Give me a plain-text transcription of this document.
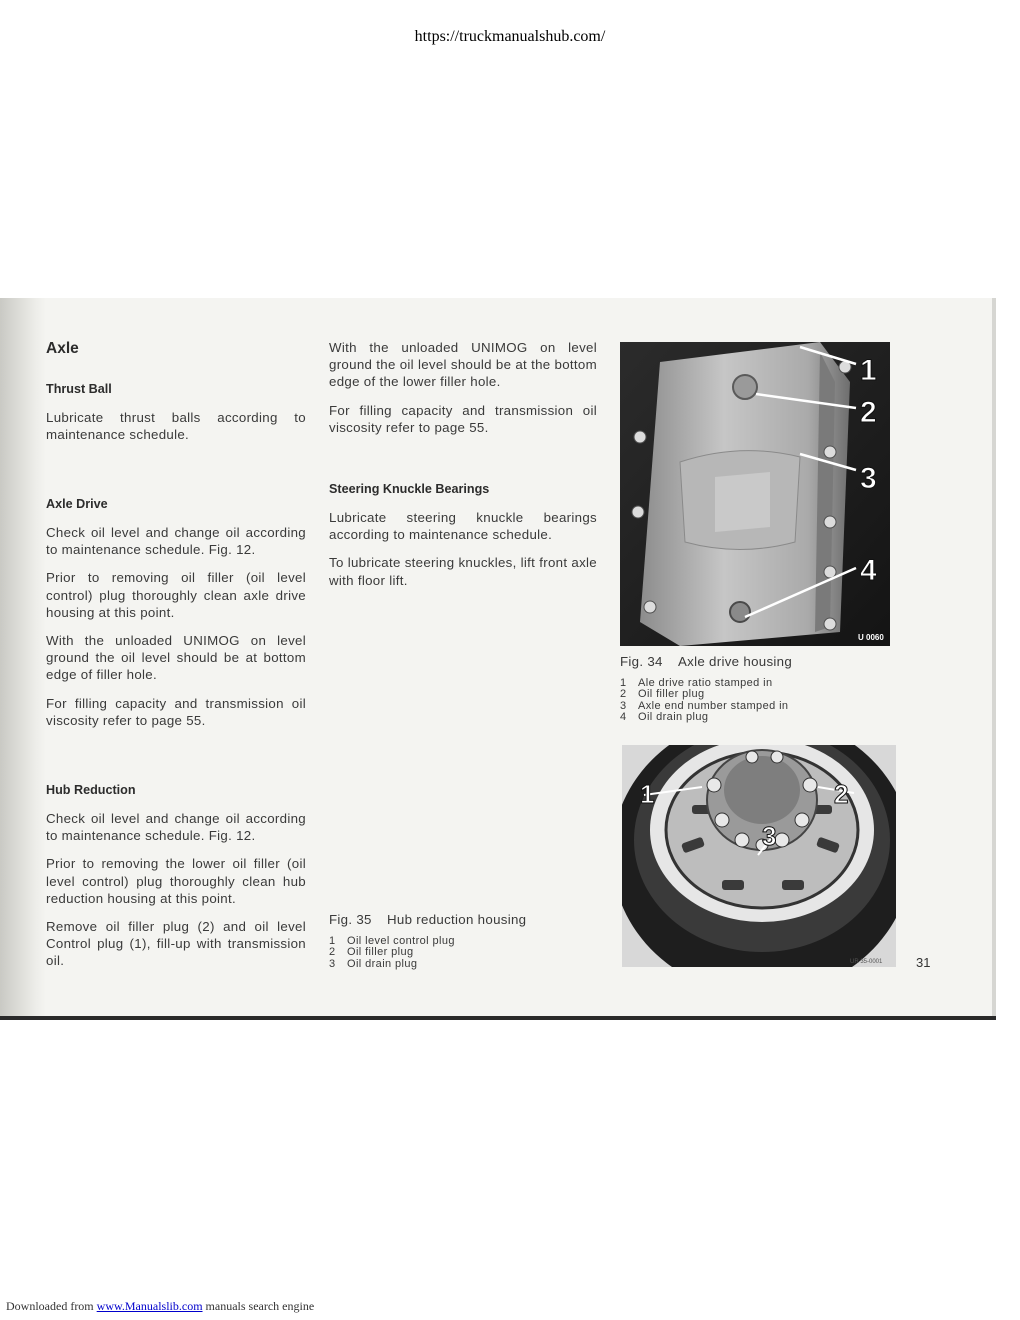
https://truckmanualshub.com/
Axle
Thrust Ball

Lubricate thrust balls according to maintenance schedule.

Axle Drive

Check oil level and change oil according to maintenance schedule. Fig. 12.

Prior to removing oil filler (oil level control) plug thoroughly clean axle drive housing at this point.

With the unloaded UNIMOG on level ground the oil level should be at bottom edge of filler hole.

For filling capacity and transmission oil viscosity refer to page 55.

Hub Reduction

Check oil level and change oil according to maintenance schedule. Fig. 12.

Prior to removing the lower oil filler (oil level control) plug thoroughly clean hub reduction housing at this point.

Remove oil filler plug (2) and oil level Control plug (1), fill-up with transmission oil.

With the unloaded UNIMOG on level ground the oil level should be at the bottom edge of the lower filler hole.

For filling capacity and transmission oil viscosity refer to page 55.

Steering Knuckle Bearings

Lubricate steering knuckle bearings according to maintenance schedule.

To lubricate steering knuckles, lift front axle with floor lift.

Fig. 35 Hub reduction housing
1 Oil level control plug
2 Oil filler plug
3 Oil drain plug
1
2
3
4
U 0060
Fig. 34 Axle drive housing
1 Ale drive ratio stamped in
2 Oil filler plug
3 Axle end number stamped in
4 Oil drain plug
1	2
3
UR 35-0001	31
Downloaded from www.Manualslib.com manuals search engine
